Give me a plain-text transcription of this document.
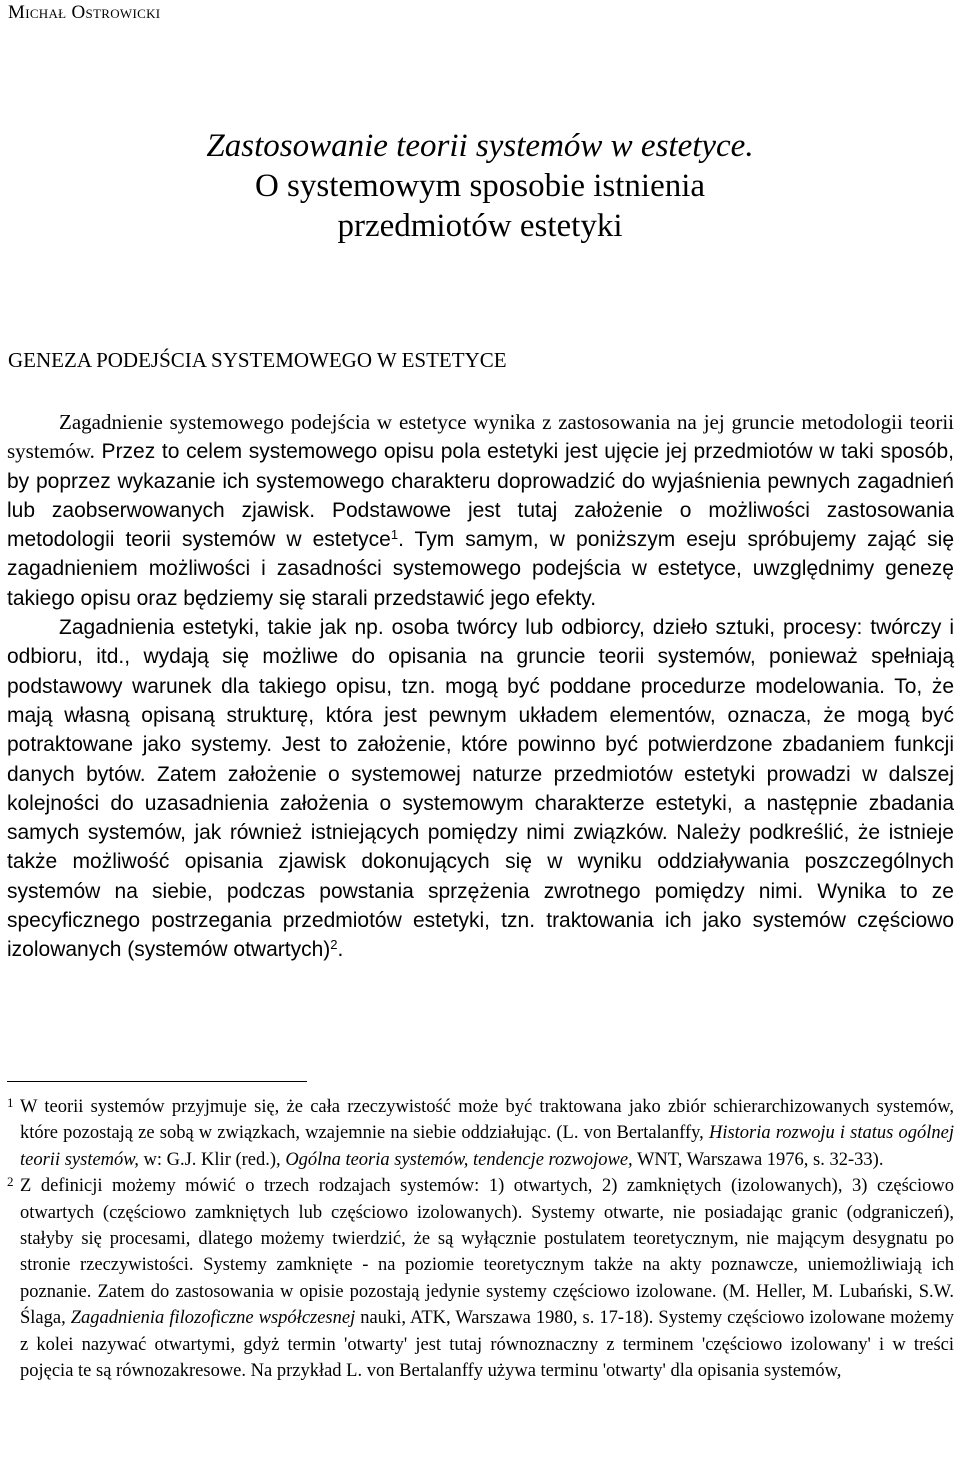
Michał Ostrowicki
Zastosowanie teorii systemów w estetyce.
O systemowym sposobie istnienia
przedmiotów estetyki
GENEZA PODEJŚCIA SYSTEMOWEGO W ESTETYCE

Zagadnienie systemowego podejścia w estetyce wynika z zastosowania na jej gruncie metodologii teorii systemów. Przez to celem systemowego opisu pola estetyki jest ujęcie jej przedmiotów w taki sposób, by poprzez wykazanie ich systemowego charakteru doprowadzić do wyjaśnienia pewnych zagadnień lub zaobserwowanych zjawisk. Podstawowe jest tutaj założenie o możliwości zastosowania metodologii teorii systemów w estetyce$^1$. Tym samym, w poniższym eseju spróbujemy zająć się zagadnieniem możliwości i zasadności systemowego podejścia w estetyce, uwzględnimy genezę takiego opisu oraz będziemy się starali przedstawić jego efekty.

Zagadnienia estetyki, takie jak np. osoba twórcy lub odbiorcy, dzieło sztuki, procesy: twórczy i odbioru, itd., wydają się możliwe do opisania na gruncie teorii systemów, ponieważ spełniają podstawowy warunek dla takiego opisu, tzn. mogą być poddane procedurze modelowania. To, że mają własną opisaną strukturę, która jest pewnym układem elementów, oznacza, że mogą być potraktowane jako systemy. Jest to założenie, które powinno być potwierdzone zbadaniem funkcji danych bytów. Zatem założenie o systemowej naturze przedmiotów estetyki prowadzi w dalszej kolejności do uzasadnienia założenia o systemowym charakterze estetyki, a następnie zbadania samych systemów, jak również istniejących pomiędzy nimi związków. Należy podkreślić, że istnieje także możliwość opisania zjawisk dokonujących się w wyniku oddziaływania poszczególnych systemów na siebie, podczas powstania sprzężenia zwrotnego pomiędzy nimi. Wynika to ze specyficznego postrzegania przedmiotów estetyki, tzn. traktowania ich jako systemów częściowo izolowanych (systemów otwartych)$^2$.

1 W teorii systemów przyjmuje się, że cała rzeczywistość może być traktowana jako zbiór schierarchizowanych systemów, które pozostają ze sobą w związkach, wzajemnie na siebie oddziałując. (L. von Bertalanffy, Historia rozwoju i status ogólnej teorii systemów, w: G.J. Klir (red.), Ogólna teoria systemów, tendencje rozwojowe, WNT, Warszawa 1976, s. 32-33).
2 Z definicji możemy mówić o trzech rodzajach systemów: 1) otwartych, 2) zamkniętych (izolowanych), 3) częściowo otwartych (częściowo zamkniętych lub częściowo izolowanych). Systemy otwarte, nie posiadając granic (odgraniczeń), stałyby się procesami, dlatego możemy twierdzić, że są wyłącznie postulatem teoretycznym, nie mającym desygnatu po stronie rzeczywistości. Systemy zamknięte - na poziomie teoretycznym także na akty poznawcze, uniemożliwiają ich poznanie. Zatem do zastosowania w opisie pozostają jedynie systemy częściowo izolowane. (M. Heller, M. Lubański, S.W. Ślaga, Zagadnienia filozoficzne współczesnej nauki, ATK, Warszawa 1980, s. 17-18). Systemy częściowo izolowane możemy z kolei nazywać otwartymi, gdyż termin 'otwarty' jest tutaj równoznaczny z terminem 'częściowo izolowany' i w treści pojęcia te są równozakresowe. Na przykład L. von Bertalanffy używa terminu 'otwarty' dla opisania systemów,
